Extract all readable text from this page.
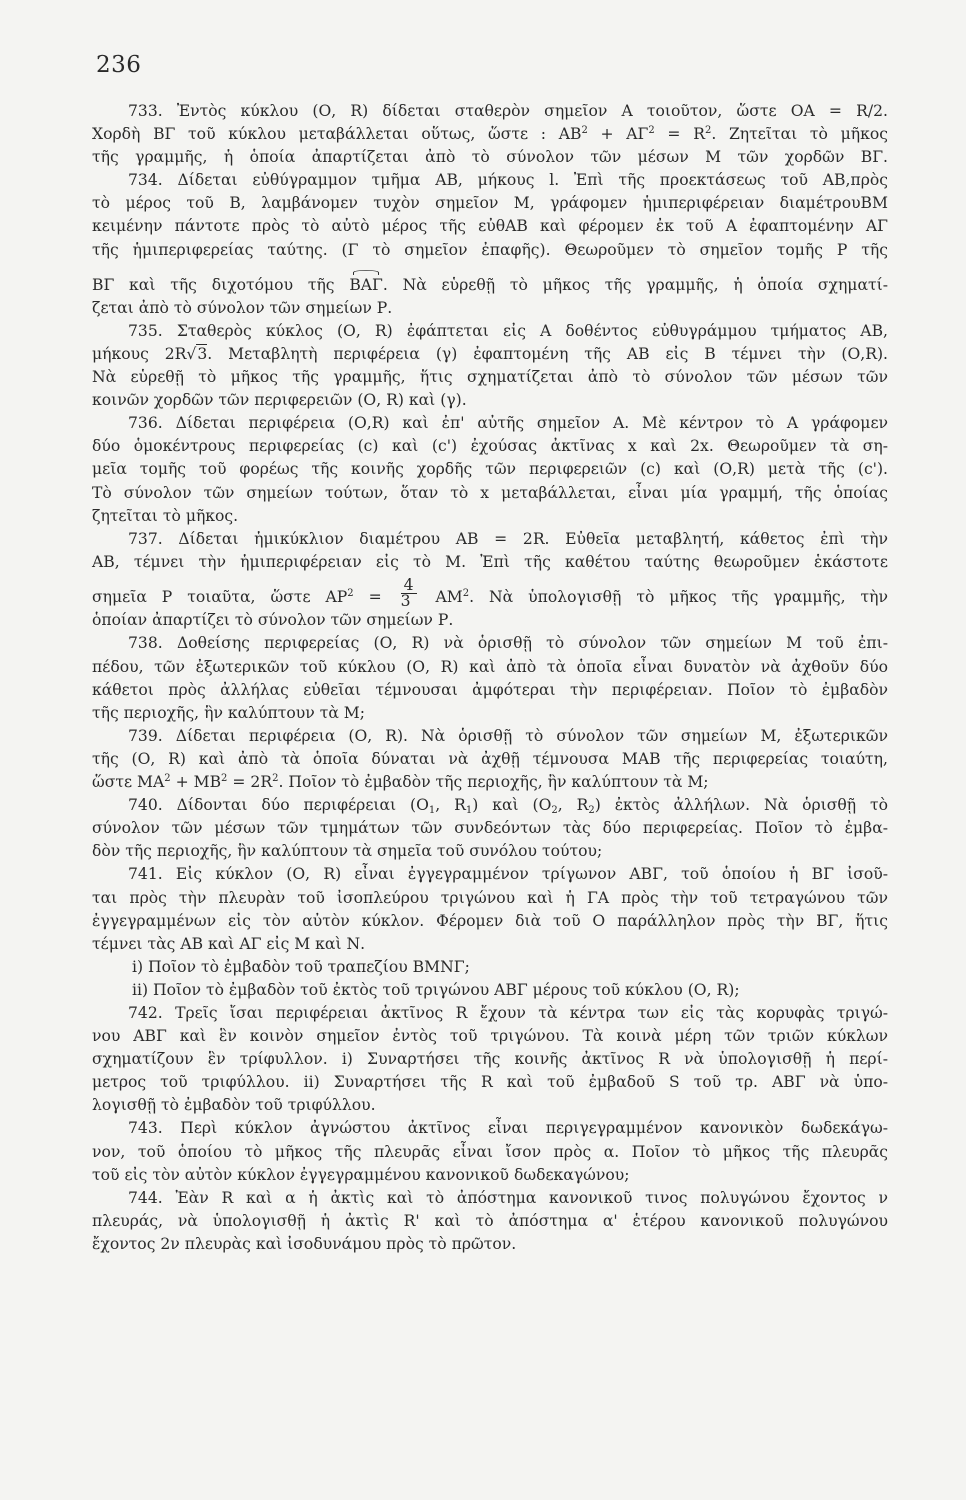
236
733. Ἐντὸς κύκλου (Ο, R) δίδεται σταθερὸν σημεῖον Α τοιοῦτον, ὥστε ΟΑ = R/2.
Χορδὴ ΒΓ τοῦ κύκλου μεταβάλλεται οὕτως, ὥστε : $AB^2 + A\Gamma^2 = R^2$. Ζητεῖται τὸ μῆκος
τῆς γραμμῆς, ἡ ὁποία ἀπαρτίζεται ἀπὸ τὸ σύνολον τῶν μέσων Μ τῶν χορδῶν ΒΓ.
734. Δίδεται εὐθύγραμμον τμῆμα ΑΒ, μήκους l. Ἐπὶ τῆς προεκτάσεως τοῦ ΑΒ,πρὸς
τὸ μέρος τοῦ Β, λαμβάνομεν τυχὸν σημεῖον Μ, γράφομεν ἡμιπεριφέρειαν διαμέτρουΒΜ
κειμένην πάντοτε πρὸς τὸ αὐτὸ μέρος τῆς εὐθΑΒ καὶ φέρομεν ἐκ τοῦ Α ἐφαπτομένην ΑΓ
τῆς ἡμιπεριφερείας ταύτης. (Γ τὸ σημεῖον ἐπαφῆς). Θεωροῦμεν τὸ σημεῖον τομῆς Ρ τῆς
ΒΓ καὶ τῆς διχοτόμου τῆς ΒΑΓ. Νὰ εὑρεθῇ τὸ μῆκος τῆς γραμμῆς, ἡ ὁποία σχηματί-
ζεται ἀπὸ τὸ σύνολον τῶν σημείων Ρ.
735. Σταθερὸς κύκλος (Ο, R) ἐφάπτεται εἰς Α δοθέντος εὐθυγράμμου τμήματος ΑΒ,
μήκους 2R√3. Μεταβλητὴ περιφέρεια (γ) ἐφαπτομένη τῆς ΑΒ εἰς Β τέμνει τὴν (Ο,R).
Νὰ εὑρεθῇ τὸ μῆκος τῆς γραμμῆς, ἥτις σχηματίζεται ἀπὸ τὸ σύνολον τῶν μέσων τῶν
κοινῶν χορδῶν τῶν περιφερειῶν (Ο, R) καὶ (γ).
736. Δίδεται περιφέρεια (Ο,R) καὶ ἐπ' αὐτῆς σημεῖον Α. Μὲ κέντρον τὸ Α γράφομεν
δύο ὁμοκέντρους περιφερείας (c) καὶ (c') ἐχούσας ἀκτῖνας x καὶ 2x. Θεωροῦμεν τὰ ση-
μεῖα τομῆς τοῦ φορέως τῆς κοινῆς χορδῆς τῶν περιφερειῶν (c) καὶ (Ο,R) μετὰ τῆς (c').
Τὸ σύνολον τῶν σημείων τούτων, ὅταν τὸ x μεταβάλλεται, εἶναι μία γραμμή, τῆς ὁποίας
ζητεῖται τὸ μῆκος.
737. Δίδεται ἡμικύκλιον διαμέτρου ΑΒ = 2R. Εὐθεῖα μεταβλητή, κάθετος ἐπὶ τὴν
ΑΒ, τέμνει τὴν ἡμιπεριφέρειαν εἰς τὸ Μ. Ἐπὶ τῆς καθέτου ταύτης θεωροῦμεν ἑκάστοτε
σημεῖα Ρ τοιαῦτα, ὥστε $AP^2 = \frac{4}{3} AM^2$. Νὰ ὑπολογισθῇ τὸ μῆκος τῆς γραμμῆς, τὴν
ὁποίαν ἀπαρτίζει τὸ σύνολον τῶν σημείων Ρ.
738. Δοθείσης περιφερείας (Ο, R) νὰ ὁρισθῇ τὸ σύνολον τῶν σημείων Μ τοῦ ἐπι-
πέδου, τῶν ἐξωτερικῶν τοῦ κύκλου (Ο, R) καὶ ἀπὸ τὰ ὁποῖα εἶναι δυνατὸν νὰ ἀχθοῦν δύο
κάθετοι πρὸς ἀλλήλας εὐθεῖαι τέμνουσαι ἀμφότεραι τὴν περιφέρειαν. Ποῖον τὸ ἐμβαδὸν
τῆς περιοχῆς, ἣν καλύπτουν τὰ Μ;
739. Δίδεται περιφέρεια (Ο, R). Νὰ ὁρισθῇ τὸ σύνολον τῶν σημείων Μ, ἐξωτερικῶν
τῆς (Ο, R) καὶ ἀπὸ τὰ ὁποῖα δύναται νὰ ἀχθῇ τέμνουσα ΜΑΒ τῆς περιφερείας τοιαύτη,
ὥστε $MA^2 + MB^2 = 2R^2$. Ποῖον τὸ ἐμβαδὸν τῆς περιοχῆς, ἣν καλύπτουν τὰ Μ;
740. Δίδονται δύο περιφέρειαι ($O_1$, $R_1$) καὶ ($O_2$, $R_2$) ἐκτὸς ἀλλήλων. Νὰ ὁρισθῇ τὸ
σύνολον τῶν μέσων τῶν τμημάτων τῶν συνδεόντων τὰς δύο περιφερείας. Ποῖον τὸ ἐμβα-
δὸν τῆς περιοχῆς, ἣν καλύπτουν τὰ σημεῖα τοῦ συνόλου τούτου;
741. Εἰς κύκλον (Ο, R) εἶναι ἐγγεγραμμένον τρίγωνον ΑΒΓ, τοῦ ὁποίου ἡ ΒΓ ἰσοῦ-
ται πρὸς τὴν πλευρὰν τοῦ ἰσοπλεύρου τριγώνου καὶ ἡ ΓΑ πρὸς τὴν τοῦ τετραγώνου τῶν
ἐγγεγραμμένων εἰς τὸν αὐτὸν κύκλον. Φέρομεν διὰ τοῦ Ο παράλληλον πρὸς τὴν ΒΓ, ἥτις
τέμνει τὰς ΑΒ καὶ ΑΓ εἰς Μ καὶ Ν.
i) Ποῖον τὸ ἐμβαδὸν τοῦ τραπεζίου ΒΜΝΓ;
ii) Ποῖον τὸ ἐμβαδὸν τοῦ ἐκτὸς τοῦ τριγώνου ΑΒΓ μέρους τοῦ κύκλου (Ο, R);
742. Τρεῖς ἴσαι περιφέρειαι ἀκτῖνος R ἔχουν τὰ κέντρα των εἰς τὰς κορυφὰς τριγώ-
νου ΑΒΓ καὶ ἓν κοινὸν σημεῖον ἐντὸς τοῦ τριγώνου. Τὰ κοινὰ μέρη τῶν τριῶν κύκλων
σχηματίζουν ἓν τρίφυλλον. i) Συναρτήσει τῆς κοινῆς ἀκτῖνος R νὰ ὑπολογισθῇ ἡ περί-
μετρος τοῦ τριφύλλου. ii) Συναρτήσει τῆς R καὶ τοῦ ἐμβαδοῦ S τοῦ τρ. ΑΒΓ νὰ ὑπο-
λογισθῇ τὸ ἐμβαδὸν τοῦ τριφύλλου.
743. Περὶ κύκλον ἀγνώστου ἀκτῖνος εἶναι περιγεγραμμένον κανονικὸν δωδεκάγω-
νον, τοῦ ὁποίου τὸ μῆκος τῆς πλευρᾶς εἶναι ἴσον πρὸς α. Ποῖον τὸ μῆκος τῆς πλευρᾶς
τοῦ εἰς τὸν αὐτὸν κύκλον ἐγγεγραμμένου κανονικοῦ δωδεκαγώνου;
744. Ἐὰν R καὶ α ἡ ἀκτὶς καὶ τὸ ἀπόστημα κανονικοῦ τινος πολυγώνου ἔχοντος ν
πλευράς, νὰ ὑπολογισθῇ ἡ ἀκτὶς R' καὶ τὸ ἀπόστημα α' ἑτέρου κανονικοῦ πολυγώνου
ἔχοντος 2ν πλευρὰς καὶ ἰσοδυνάμου πρὸς τὸ πρῶτον.
